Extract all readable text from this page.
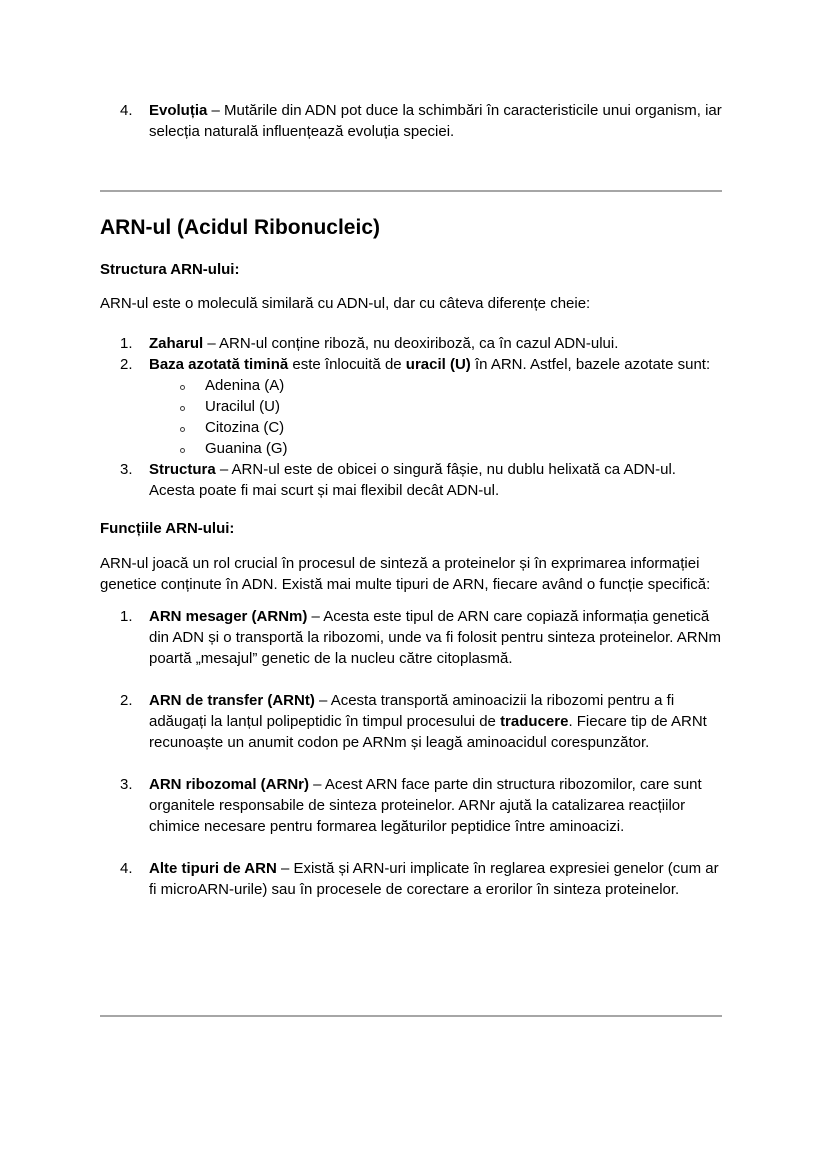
4.	Evoluția – Mutările din ADN pot duce la schimbări în caracteristicile unui organism, iar selecția naturală influențează evoluția speciei.
ARN-ul (Acidul Ribonucleic)

Structura ARN-ului:

ARN-ul este o moleculă similară cu ADN-ul, dar cu câteva diferențe cheie:

1.	Zaharul – ARN-ul conține riboză, nu deoxiriboză, ca în cazul ADN-ului.
2.	Baza azotată timină este înlocuită de uracil (U) în ARN. Astfel, bazele azotate sunt:
Adenina (A)
Uracilul (U)
Citozina (C)
Guanina (G)
3.	Structura – ARN-ul este de obicei o singură fâșie, nu dublu helixată ca ADN-ul. Acesta poate fi mai scurt și mai flexibil decât ADN-ul.

Funcțiile ARN-ului:

ARN-ul joacă un rol crucial în procesul de sinteză a proteinelor și în exprimarea informației genetice conținute în ADN. Există mai multe tipuri de ARN, fiecare având o funcție specifică:

1.	ARN mesager (ARNm) – Acesta este tipul de ARN care copiază informația genetică din ADN și o transportă la ribozomi, unde va fi folosit pentru sinteza proteinelor. ARNm poartă „mesajul” genetic de la nucleu către citoplasmă.
2.	ARN de transfer (ARNt) – Acesta transportă aminoacizii la ribozomi pentru a fi adăugați la lanțul polipeptidic în timpul procesului de traducere. Fiecare tip de ARNt recunoaște un anumit codon pe ARNm și leagă aminoacidul corespunzător.
3.	ARN ribozomal (ARNr) – Acest ARN face parte din structura ribozomilor, care sunt organitele responsabile de sinteza proteinelor. ARNr ajută la catalizarea reacțiilor chimice necesare pentru formarea legăturilor peptidice între aminoacizi.
4.	Alte tipuri de ARN – Există și ARN-uri implicate în reglarea expresiei genelor (cum ar fi microARN-urile) sau în procesele de corectare a erorilor în sinteza proteinelor.
